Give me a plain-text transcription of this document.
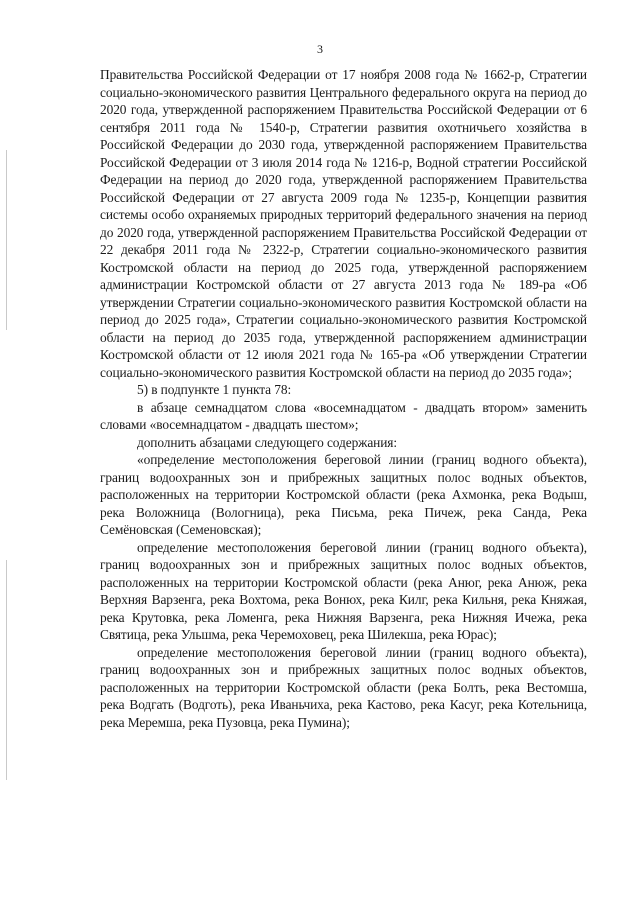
3

Правительства Российской Федерации от 17 ноября 2008 года № 1662-р, Стратегии социально-экономического развития Центрального федерального округа на период до 2020 года, утвержденной распоряжением Правительства Российской Федерации от 6 сентября 2011 года № 1540-р, Стратегии развития охотничьего хозяйства в Российской Федерации до 2030 года, утвержденной распоряжением Правительства Российской Федерации от 3 июля 2014 года № 1216-р, Водной стратегии Российской Федерации на период до 2020 года, утвержденной распоряжением Правительства Российской Федерации от 27 августа 2009 года № 1235-р, Концепции развития системы особо охраняемых природных территорий федерального значения на период до 2020 года, утвержденной распоряжением Правительства Российской Федерации от 22 декабря 2011 года № 2322-р, Стратегии социально-экономического развития Костромской области на период до 2025 года, утвержденной распоряжением администрации Костромской области от 27 августа 2013 года № 189-ра «Об утверждении Стратегии социально-экономического развития Костромской области на период до 2025 года», Стратегии социально-экономического развития Костромской области на период до 2035 года, утвержденной распоряжением администрации Костромской области от 12 июля 2021 года № 165-ра «Об утверждении Стратегии социально-экономического развития Костромской области на период до 2035 года»;

5) в подпункте 1 пункта 78:

в абзаце семнадцатом слова «восемнадцатом - двадцать втором» заменить словами «восемнадцатом - двадцать шестом»;

дополнить абзацами следующего содержания:

«определение местоположения береговой линии (границ водного объекта), границ водоохранных зон и прибрежных защитных полос водных объектов, расположенных на территории Костромской области (река Ахмонка, река Водыш, река Воложница (Вологница), река Письма, река Пичеж, река Санда, Река Семёновская (Семеновская);

определение местоположения береговой линии (границ водного объекта), границ водоохранных зон и прибрежных защитных полос водных объектов, расположенных на территории Костромской области (река Анюг, река Анюж, река Верхняя Варзенга, река Вохтома, река Вонюх, река Килг, река Кильня, река Княжая, река Крутовка, река Ломенга, река Нижняя Варзенга, река Нижняя Ичежа, река Святица, река Ульшма, река Черемоховец, река Шилекша, река Юрас);

определение местоположения береговой линии (границ водного объекта), границ водоохранных зон и прибрежных защитных полос водных объектов, расположенных на территории Костромской области (река Болть, река Вестомша, река Водгать (Водготь), река Иваньчиха, река Кастово, река Касуг, река Котельница, река Меремша, река Пузовца, река Пумина);
